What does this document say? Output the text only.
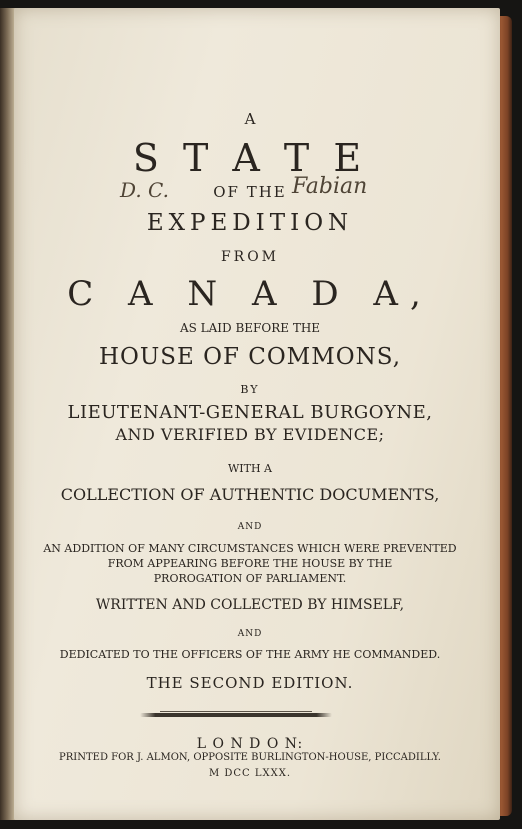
A
S T A T E
D. C.	OF THE Fabian
EXPEDITION
FROM
C A N A D A,
AS LAID BEFORE THE
HOUSE OF COMMONS,
BY
LIEUTENANT-GENERAL BURGOYNE,
AND VERIFIED BY EVIDENCE;
WITH A
COLLECTION OF AUTHENTIC DOCUMENTS,
AND
AN ADDITION OF MANY CIRCUMSTANCES WHICH WERE PREVENTED
FROM APPEARING BEFORE THE HOUSE BY THE
PROROGATION OF PARLIAMENT.
WRITTEN AND COLLECTED BY HIMSELF,
AND
DEDICATED TO THE OFFICERS OF THE ARMY HE COMMANDED.
THE SECOND EDITION.
L O N D O N:
PRINTED FOR J. ALMON, OPPOSITE BURLINGTON-HOUSE, PICCADILLY.
M DCC LXXX.
